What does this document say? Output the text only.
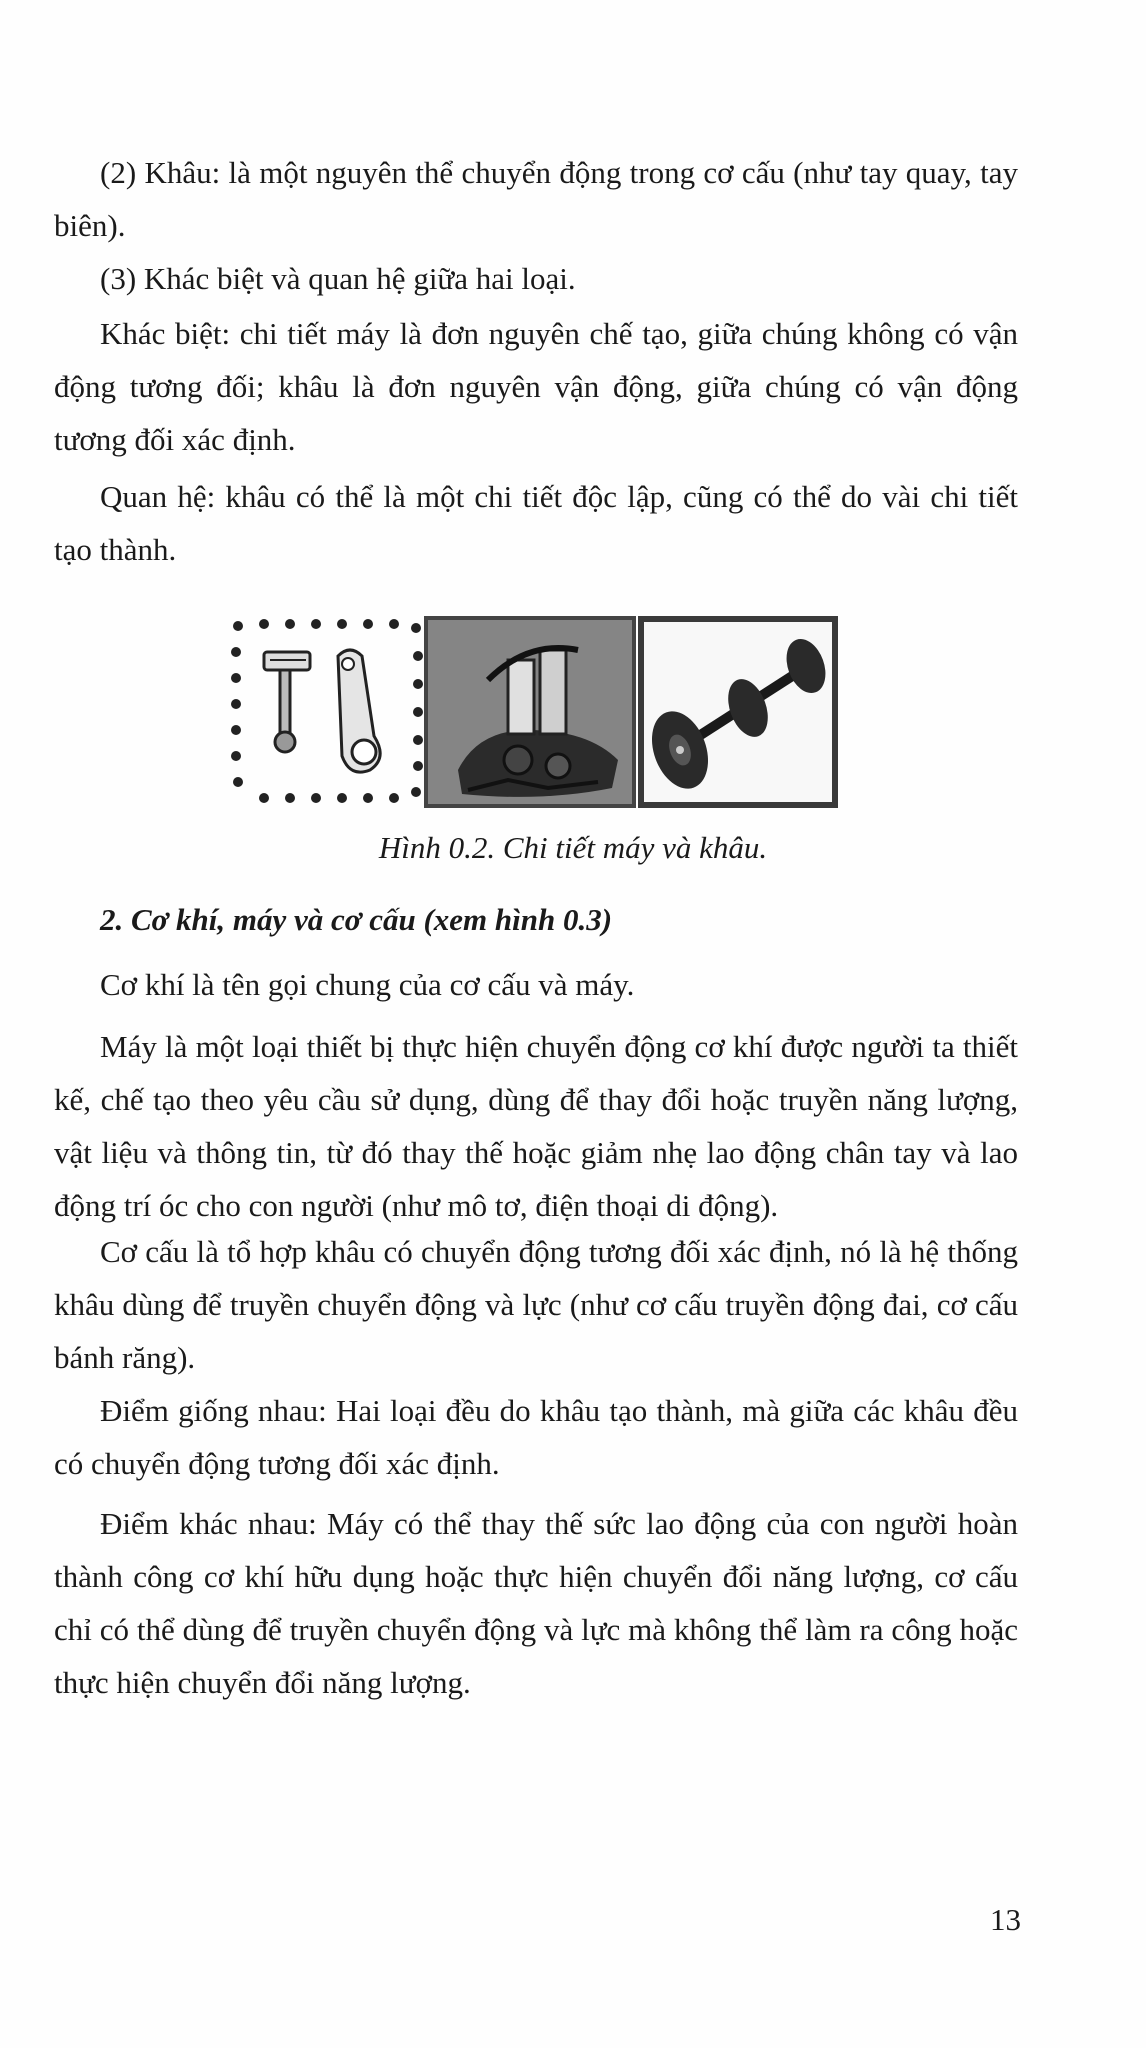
(2) Khâu: là một nguyên thể chuyển động trong cơ cấu (như tay quay, tay biên).

(3) Khác biệt và quan hệ giữa hai loại.

Khác biệt: chi tiết máy là đơn nguyên chế tạo, giữa chúng không có vận động tương đối; khâu là đơn nguyên vận động, giữa chúng có vận động tương đối xác định.

Quan hệ: khâu có thể là một chi tiết độc lập, cũng có thể do vài chi tiết tạo thành.

Hình 0.2. Chi tiết máy và khâu.
2. Cơ khí, máy và cơ cấu (xem hình 0.3)

Cơ khí là tên gọi chung của cơ cấu và máy.

Máy là một loại thiết bị thực hiện chuyển động cơ khí được người ta thiết kế, chế tạo theo yêu cầu sử dụng, dùng để thay đổi hoặc truyền năng lượng, vật liệu và thông tin, từ đó thay thế hoặc giảm nhẹ lao động chân tay và lao động trí óc cho con người (như mô tơ, điện thoại di động).

Cơ cấu là tổ hợp khâu có chuyển động tương đối xác định, nó là hệ thống khâu dùng để truyền chuyển động và lực (như cơ cấu truyền động đai, cơ cấu bánh răng).

Điểm giống nhau: Hai loại đều do khâu tạo thành, mà giữa các khâu đều có chuyển động tương đối xác định.

Điểm khác nhau: Máy có thể thay thế sức lao động của con người hoàn thành công cơ khí hữu dụng hoặc thực hiện chuyển đổi năng lượng, cơ cấu chỉ có thể dùng để truyền chuyển động và lực mà không thể làm ra công hoặc thực hiện chuyển đổi năng lượng.

13
